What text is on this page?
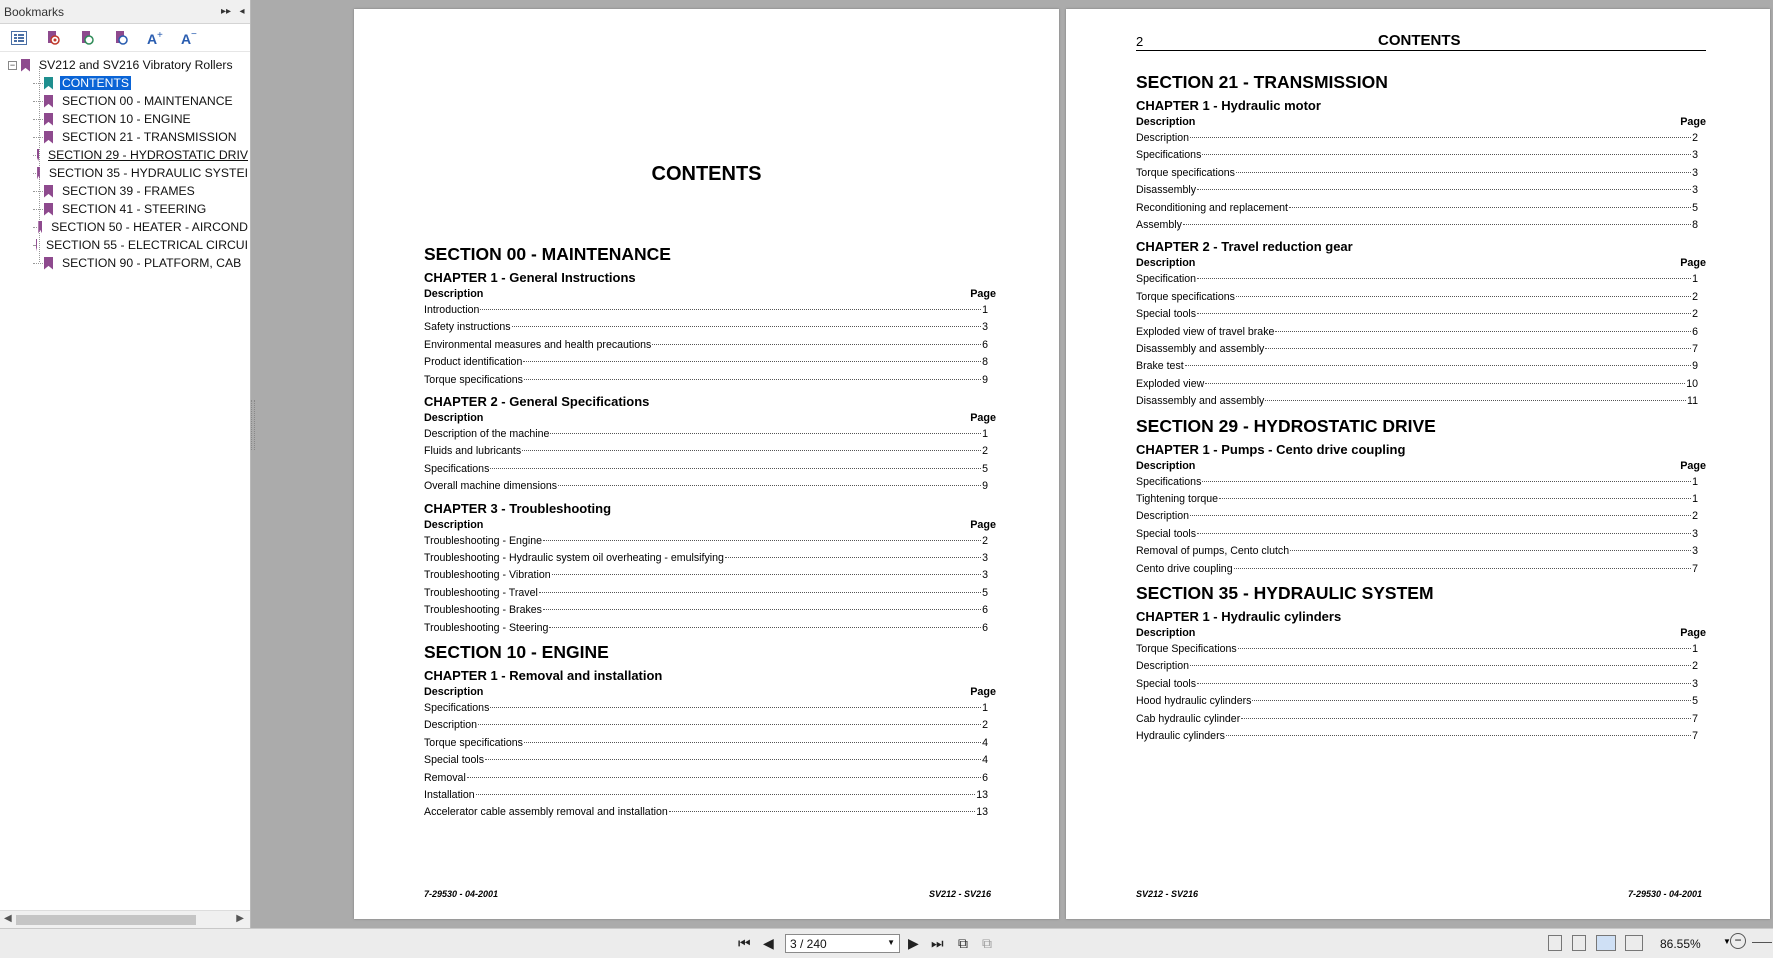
Bookmarks	▸▸ ◂
A + A −
− SV212 and SV216 Vibratory Rollers
CONTENTS
SECTION 00 - MAINTENANCE
SECTION 10 - ENGINE
SECTION 21 - TRANSMISSION
SECTION 29 - HYDROSTATIC DRIV
SECTION 35 - HYDRAULIC SYSTEI
SECTION 39 - FRAMES
SECTION 41 - STEERING
SECTION 50 - HEATER - AIRCOND
SECTION 55 - ELECTRICAL CIRCUI
SECTION 90 - PLATFORM, CAB
◀	▶
CONTENTS
SECTION 00 - MAINTENANCE
CHAPTER 1 - General Instructions
Description	Page
Introduction	1
Safety instructions	3
Environmental measures and health precautions	6
Product identification	8
Torque specifications	9
CHAPTER 2 - General Specifications
Description	Page
Description of the machine	1
Fluids and lubricants	2
Specifications	5
Overall machine dimensions	9
CHAPTER 3 - Troubleshooting
Description	Page
Troubleshooting - Engine	2
Troubleshooting - Hydraulic system oil overheating - emulsifying	3
Troubleshooting - Vibration	3
Troubleshooting - Travel	5
Troubleshooting - Brakes	6
Troubleshooting - Steering	6
SECTION 10 - ENGINE
CHAPTER 1 - Removal and installation
Description	Page
Specifications	1
Description	2
Torque specifications	4
Special tools	4
Removal	6
Installation	13
Accelerator cable assembly removal and installation	13
7-29530 - 04-2001	SV212 - SV216
2	CONTENTS
SECTION 21 - TRANSMISSION
CHAPTER 1 - Hydraulic motor
Description	Page
Description	2
Specifications	3
Torque specifications	3
Disassembly	3
Reconditioning and replacement	5
Assembly	8
CHAPTER 2 - Travel reduction gear
Description	Page
Specification	1
Torque specifications	2
Special tools	2
Exploded view of travel brake	6
Disassembly and assembly	7
Brake test	9
Exploded view	10
Disassembly and assembly	11
SECTION 29 - HYDROSTATIC DRIVE
CHAPTER 1 - Pumps - Cento drive coupling
Description	Page
Specifications	1
Tightening torque	1
Description	2
Special tools	3
Removal of pumps, Cento clutch	3
Cento drive coupling	7
SECTION 35 - HYDRAULIC SYSTEM
CHAPTER 1 - Hydraulic cylinders
Description	Page
Torque Specifications	1
Description	2
Special tools	3
Hood hydraulic cylinders	5
Cab hydraulic cylinder	7
Hydraulic cylinders	7
SV212 - SV216	7-29530 - 04-2001
⏮ ◀	3 / 240	▼ ▶ ⏭ ⧉ ⧉	86.55%	▼ −
